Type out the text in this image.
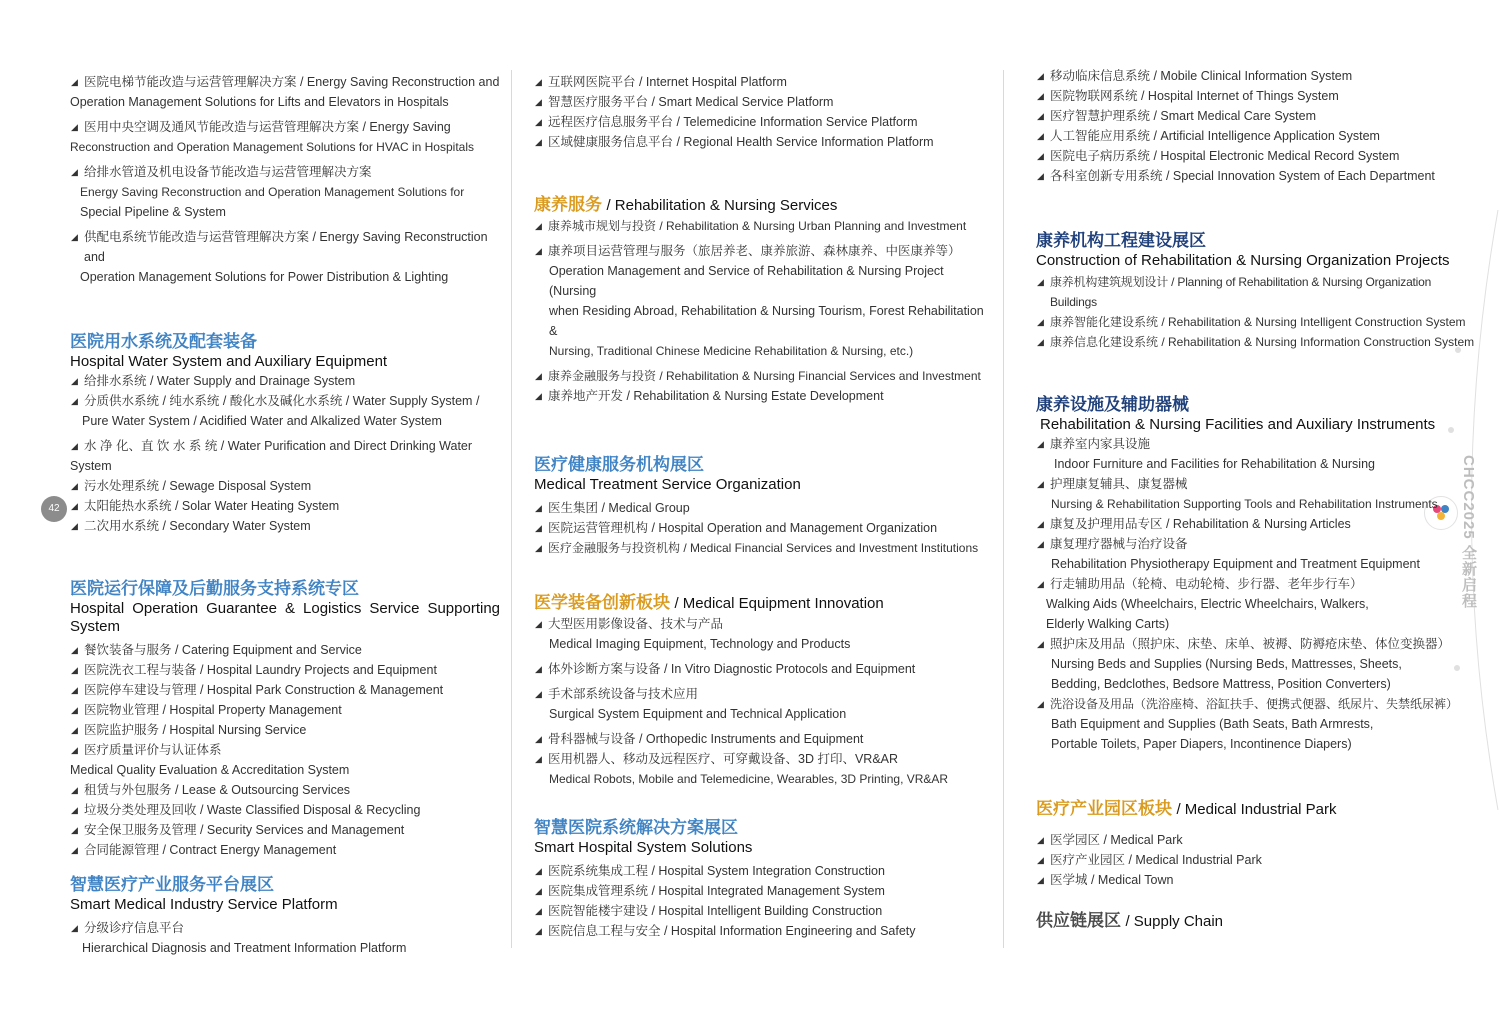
42	CHCC2025 全新启程
◢ 医院电梯节能改造与运营管理解决方案 / Energy Saving Reconstruction and
Operation Management Solutions for Lifts and Elevators in Hospitals
◢ 医用中央空调及通风节能改造与运营管理解决方案 / Energy Saving
Reconstruction and Operation Management Solutions for HVAC in Hospitals
◢ 给排水管道及机电设备节能改造与运营管理解决方案
Energy Saving Reconstruction and Operation Management Solutions for
Special Pipeline & System
◢ 供配电系统节能改造与运营管理解决方案 / Energy Saving Reconstruction and
Operation Management Solutions for Power Distribution & Lighting
医院用水系统及配套装备
Hospital Water System and Auxiliary Equipment
◢ 给排水系统 / Water Supply and Drainage System
◢ 分质供水系统 / 纯水系统 / 酸化水及碱化水系统 / Water Supply System /
Pure Water System / Acidified Water and Alkalized Water System
◢ 水 净 化、直 饮 水 系 统 / Water Purification and Direct Drinking Water
System
◢ 污水处理系统 / Sewage Disposal System
◢ 太阳能热水系统 / Solar Water Heating System
◢ 二次用水系统 / Secondary Water System
医院运行保障及后勤服务支持系统专区
Hospital Operation Guarantee & Logistics Service Supporting System
◢ 餐饮装备与服务 / Catering Equipment and Service
◢ 医院洗衣工程与装备 / Hospital Laundry Projects and Equipment
◢ 医院停车建设与管理 / Hospital Park Construction & Management
◢ 医院物业管理 / Hospital Property Management
◢ 医院监护服务 / Hospital Nursing Service
◢ 医疗质量评价与认证体系
Medical Quality Evaluation & Accreditation System
◢ 租赁与外包服务 / Lease & Outsourcing Services
◢ 垃圾分类处理及回收 / Waste Classified Disposal & Recycling
◢ 安全保卫服务及管理 / Security Services and Management
◢ 合同能源管理 / Contract Energy Management
智慧医疗产业服务平台展区
Smart Medical Industry Service Platform
◢ 分级诊疗信息平台
Hierarchical Diagnosis and Treatment Information Platform
◢ 互联网医院平台 / Internet Hospital Platform
◢ 智慧医疗服务平台 / Smart Medical Service Platform
◢ 远程医疗信息服务平台 / Telemedicine Information Service Platform
◢ 区域健康服务信息平台 / Regional Health Service Information Platform
康养服务 / Rehabilitation & Nursing Services
◢ 康养城市规划与投资 / Rehabilitation & Nursing Urban Planning and Investment
◢ 康养项目运营管理与服务（旅居养老、康养旅游、森林康养、中医康养等）
Operation Management and Service of Rehabilitation & Nursing Project (Nursing
when Residing Abroad, Rehabilitation & Nursing Tourism, Forest Rehabilitation &
Nursing, Traditional Chinese Medicine Rehabilitation & Nursing, etc.)
◢ 康养金融服务与投资 / Rehabilitation & Nursing Financial Services and Investment
◢ 康养地产开发 / Rehabilitation & Nursing Estate Development
医疗健康服务机构展区
Medical Treatment Service Organization
◢ 医生集团 / Medical Group
◢ 医院运营管理机构 / Hospital Operation and Management Organization
◢ 医疗金融服务与投资机构 / Medical Financial Services and Investment Institutions
医学装备创新板块 / Medical Equipment Innovation
◢ 大型医用影像设备、技术与产品
Medical Imaging Equipment, Technology and Products
◢ 体外诊断方案与设备 / In Vitro Diagnostic Protocols and Equipment
◢ 手术部系统设备与技术应用
Surgical System Equipment and Technical Application
◢ 骨科器械与设备 / Orthopedic Instruments and Equipment
◢ 医用机器人、移动及远程医疗、可穿戴设备、3D 打印、VR&AR
Medical Robots, Mobile and Telemedicine, Wearables, 3D Printing, VR&AR
智慧医院系统解决方案展区
Smart Hospital System Solutions
◢ 医院系统集成工程 / Hospital System Integration Construction
◢ 医院集成管理系统 / Hospital Integrated Management System
◢ 医院智能楼宇建设 / Hospital Intelligent Building Construction
◢ 医院信息工程与安全 / Hospital Information Engineering and Safety
◢ 移动临床信息系统 / Mobile Clinical Information System
◢ 医院物联网系统 / Hospital Internet of Things System
◢ 医疗智慧护理系统 / Smart Medical Care System
◢ 人工智能应用系统 / Artificial Intelligence Application System
◢ 医院电子病历系统 / Hospital Electronic Medical Record System
◢ 各科室创新专用系统 / Special Innovation System of Each Department
康养机构工程建设展区
Construction of Rehabilitation & Nursing Organization Projects
◢ 康养机构建筑规划设计 / Planning of Rehabilitation & Nursing Organization Buildings
◢ 康养智能化建设系统 / Rehabilitation & Nursing Intelligent Construction System
◢ 康养信息化建设系统 / Rehabilitation & Nursing Information Construction System
康养设施及辅助器械
Rehabilitation & Nursing Facilities and Auxiliary Instruments
◢ 康养室内家具设施
Indoor Furniture and Facilities for Rehabilitation & Nursing
◢ 护理康复辅具、康复器械
Nursing & Rehabilitation Supporting Tools and Rehabilitation Instruments
◢ 康复及护理用品专区 / Rehabilitation & Nursing Articles
◢ 康复理疗器械与治疗设备
Rehabilitation Physiotherapy Equipment and Treatment Equipment
◢ 行走辅助用品（轮椅、电动轮椅、步行器、老年步行车）
Walking Aids (Wheelchairs, Electric Wheelchairs, Walkers,
Elderly Walking Carts)
◢ 照护床及用品（照护床、床垫、床单、被褥、防褥疮床垫、体位变换器）
Nursing Beds and Supplies (Nursing Beds, Mattresses, Sheets,
Bedding, Bedclothes, Bedsore Mattress, Position Converters)
◢ 洗浴设备及用品（洗浴座椅、浴缸扶手、便携式便器、纸尿片、失禁纸尿裤）
Bath Equipment and Supplies (Bath Seats, Bath Armrests,
Portable Toilets, Paper Diapers, Incontinence Diapers)
医疗产业园区板块 / Medical Industrial Park
◢ 医学园区 / Medical Park
◢ 医疗产业园区 / Medical Industrial Park
◢ 医学城 / Medical Town
供应链展区 / Supply Chain
